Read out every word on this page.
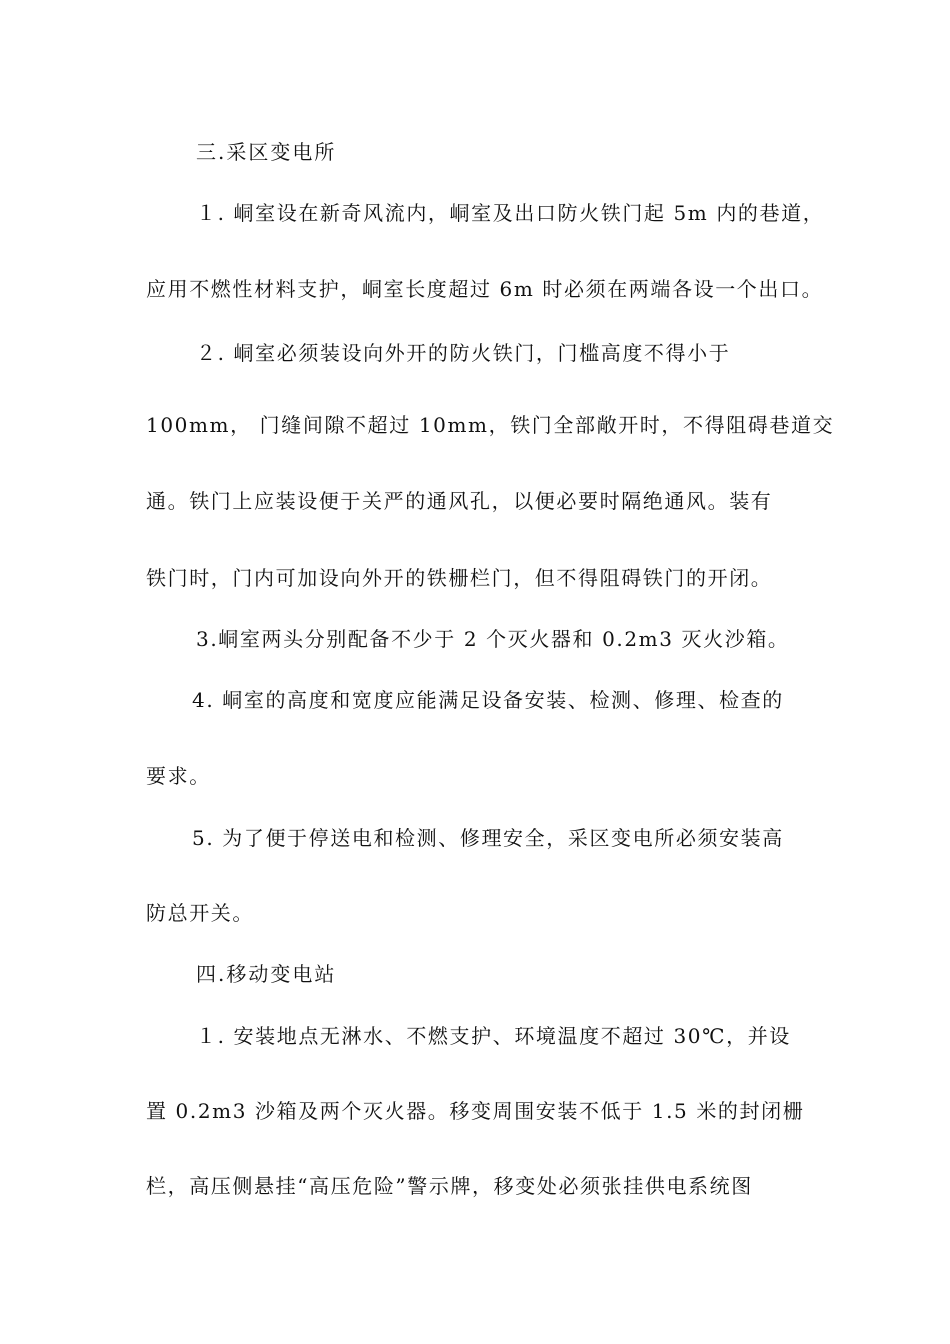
三.采区变电所
１. 峒室设在新奇风流内，峒室及出口防火铁门起 5m 内的巷道，
应用不燃性材料支护，峒室长度超过 6m 时必须在两端各设一个出口。
２. 峒室必须装设向外开的防火铁门，门槛高度不得小于
100mm， 门缝间隙不超过 10mm，铁门全部敞开时，不得阻碍巷道交
通。铁门上应装设便于关严的通风孔，以便必要时隔绝通风。装有
铁门时，门内可加设向外开的铁栅栏门，但不得阻碍铁门的开闭。
3.峒室两头分别配备不少于 2 个灭火器和 0.2m3 灭火沙箱。
4. 峒室的高度和宽度应能满足设备安装、检测、修理、检查的
要求。
5. 为了便于停送电和检测、修理安全，采区变电所必须安装高
防总开关。
四.移动变电站
１. 安装地点无淋水、不燃支护、环境温度不超过 30℃，并设
置 0.2m3 沙箱及两个灭火器。移变周围安装不低于 1.5 米的封闭栅
栏，高压侧悬挂“高压危险”警示牌，移变处必须张挂供电系统图
